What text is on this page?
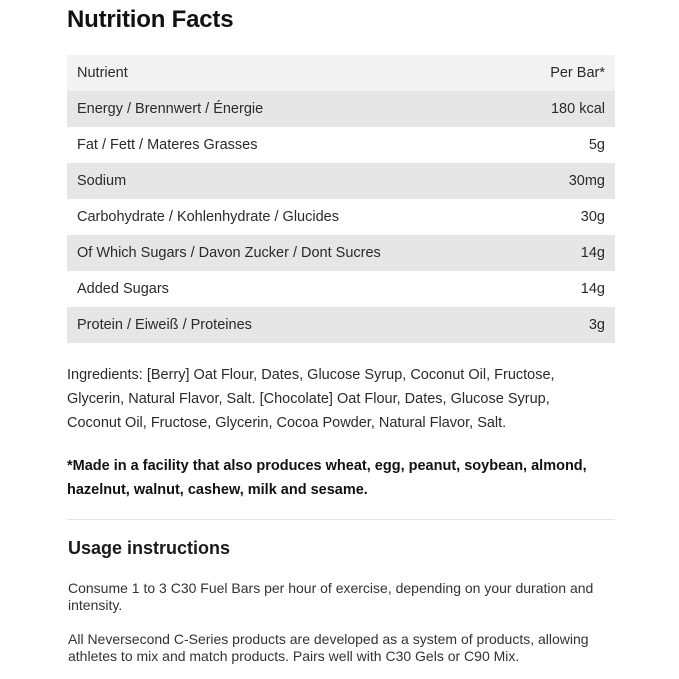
Nutrition Facts
Nutrient	Per Bar*
Energy / Brennwert / Énergie	180 kcal
Fat / Fett / Materes Grasses	5g
Sodium	30mg
Carbohydrate / Kohlenhydrate / Glucides	30g
Of Which Sugars / Davon Zucker / Dont Sucres	14g
Added Sugars	14g
Protein / Eiweiß / Proteines	3g

Ingredients: [Berry] Oat Flour, Dates, Glucose Syrup, Coconut Oil, Fructose, Glycerin, Natural Flavor, Salt. [Chocolate] Oat Flour, Dates, Glucose Syrup, Coconut Oil, Fructose, Glycerin, Cocoa Powder, Natural Flavor, Salt.

*Made in a facility that also produces wheat, egg, peanut, soybean, almond, hazelnut, walnut, cashew, milk and sesame.

Usage instructions

Consume 1 to 3 C30 Fuel Bars per hour of exercise, depending on your duration and intensity.

All Neversecond C-Series products are developed as a system of products, allowing athletes to mix and match products. Pairs well with C30 Gels or C90 Mix.
